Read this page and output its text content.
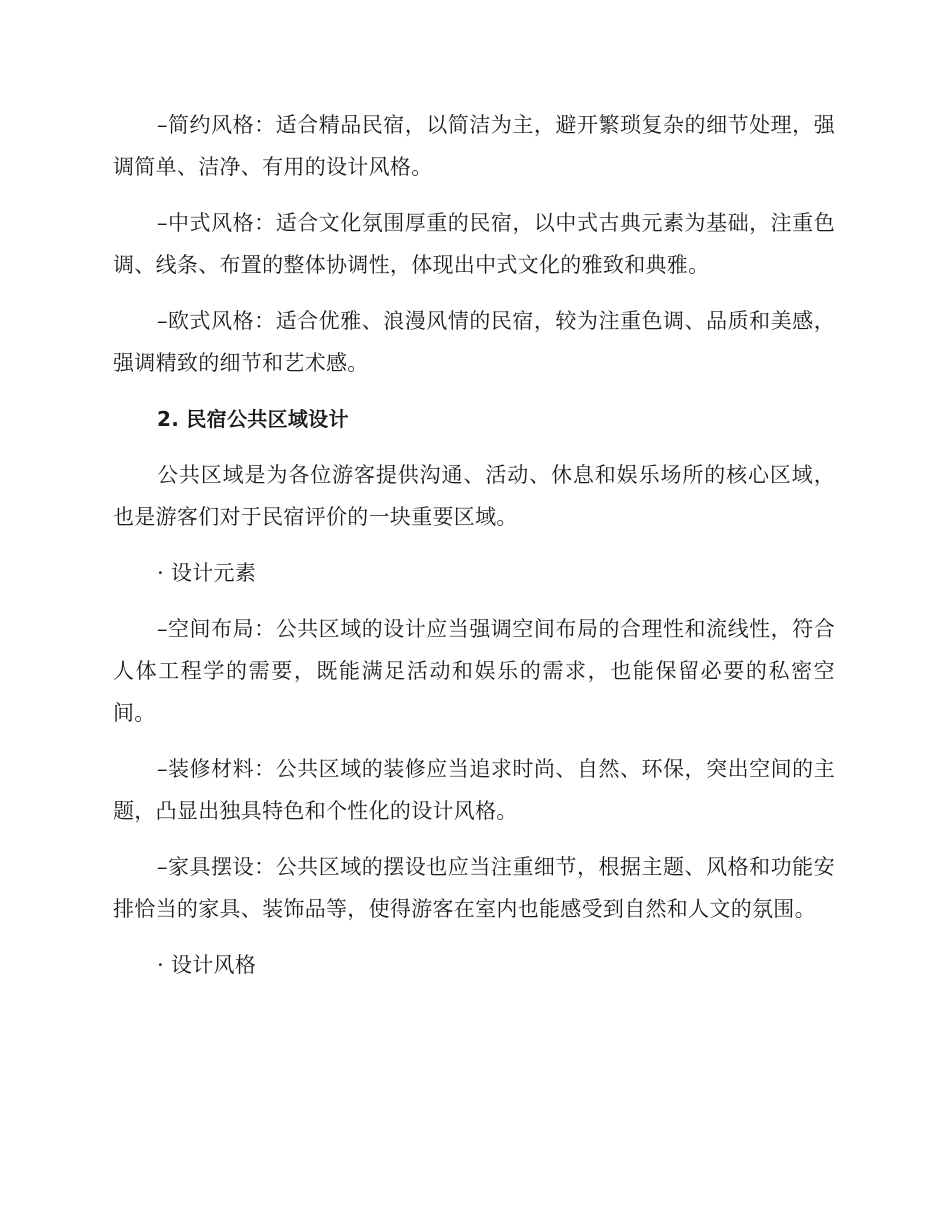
–简约风格：适合精品民宿，以简洁为主，避开繁琐复杂的细节处理，强调简单、洁净、有用的设计风格。

–中式风格：适合文化氛围厚重的民宿，以中式古典元素为基础，注重色调、线条、布置的整体协调性，体现出中式文化的雅致和典雅。

–欧式风格：适合优雅、浪漫风情的民宿，较为注重色调、品质和美感，强调精致的细节和艺术感。

2. 民宿公共区域设计

公共区域是为各位游客提供沟通、活动、休息和娱乐场所的核心区域，也是游客们对于民宿评价的一块重要区域。

· 设计元素

–空间布局：公共区域的设计应当强调空间布局的合理性和流线性，符合人体工程学的需要，既能满足活动和娱乐的需求，也能保留必要的私密空间。

–装修材料：公共区域的装修应当追求时尚、自然、环保，突出空间的主题，凸显出独具特色和个性化的设计风格。

–家具摆设：公共区域的摆设也应当注重细节，根据主题、风格和功能安排恰当的家具、装饰品等，使得游客在室内也能感受到自然和人文的氛围。

· 设计风格
